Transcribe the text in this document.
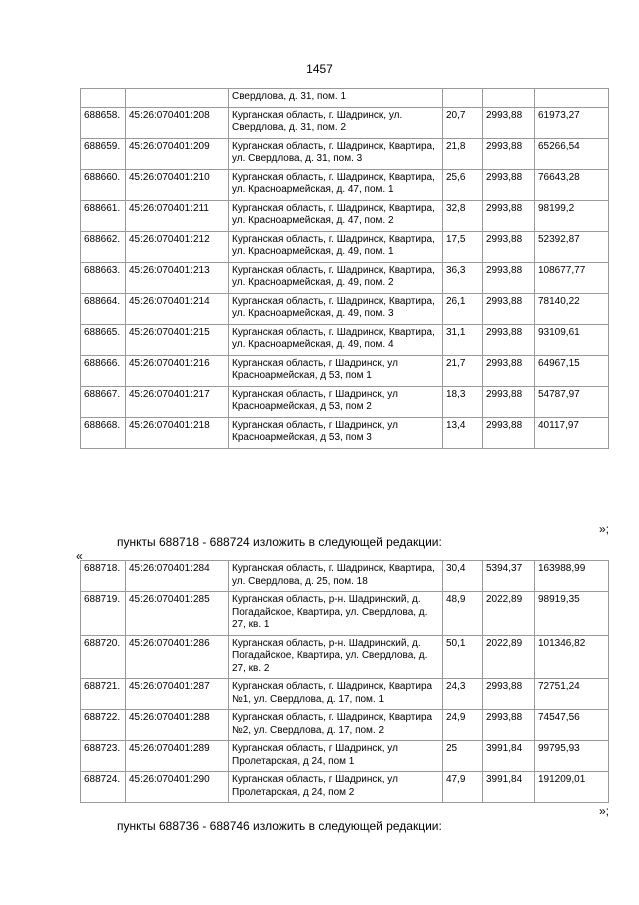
1457
		Свердлова, д. 31, пом. 1			
688658.	45:26:070401:208	Курганская область, г. Шадринск, ул. Свердлова, д. 31, пом. 2	20,7	2993,88	61973,27
688659.	45:26:070401:209	Курганская область, г. Шадринск, Квартира, ул. Свердлова, д. 31, пом. 3	21,8	2993,88	65266,54
688660.	45:26:070401:210	Курганская область, г. Шадринск, Квартира, ул. Красноармейская, д. 47, пом. 1	25,6	2993,88	76643,28
688661.	45:26:070401:211	Курганская область, г. Шадринск, Квартира, ул. Красноармейская, д. 47, пом. 2	32,8	2993,88	98199,2
688662.	45:26:070401:212	Курганская область, г. Шадринск, Квартира, ул. Красноармейская, д. 49, пом. 1	17,5	2993,88	52392,87
688663.	45:26:070401:213	Курганская область, г. Шадринск, Квартира, ул. Красноармейская, д. 49, пом. 2	36,3	2993,88	108677,77
688664.	45:26:070401:214	Курганская область, г. Шадринск, Квартира, ул. Красноармейская, д. 49, пом. 3	26,1	2993,88	78140,22
688665.	45:26:070401:215	Курганская область, г. Шадринск, Квартира, ул. Красноармейская, д. 49, пом. 4	31,1	2993,88	93109,61
688666.	45:26:070401:216	Курганская область, г Шадринск, ул Красноармейская, д 53, пом 1	21,7	2993,88	64967,15
688667.	45:26:070401:217	Курганская область, г Шадринск, ул Красноармейская, д 53, пом 2	18,3	2993,88	54787,97
688668.	45:26:070401:218	Курганская область, г Шадринск, ул Красноармейская, д 53, пом 3	13,4	2993,88	40117,97
»;
пункты 688718 - 688724 изложить в следующей редакции:
«
688718.	45:26:070401:284	Курганская область, г. Шадринск, Квартира, ул. Свердлова, д. 25, пом. 18	30,4	5394,37	163988,99
688719.	45:26:070401:285	Курганская область, р-н. Шадринский, д. Погадайское, Квартира, ул. Свердлова, д. 27, кв. 1	48,9	2022,89	98919,35
688720.	45:26:070401:286	Курганская область, р-н. Шадринский, д. Погадайское, Квартира, ул. Свердлова, д. 27, кв. 2	50,1	2022,89	101346,82
688721.	45:26:070401:287	Курганская область, г. Шадринск, Квартира №1, ул. Свердлова, д. 17, пом. 1	24,3	2993,88	72751,24
688722.	45:26:070401:288	Курганская область, г. Шадринск, Квартира №2, ул. Свердлова, д. 17, пом. 2	24,9	2993,88	74547,56
688723.	45:26:070401:289	Курганская область, г Шадринск, ул Пролетарская, д 24, пом 1	25	3991,84	99795,93
688724.	45:26:070401:290	Курганская область, г Шадринск, ул Пролетарская, д 24, пом 2	47,9	3991,84	191209,01
»;
пункты 688736 - 688746 изложить в следующей редакции:
